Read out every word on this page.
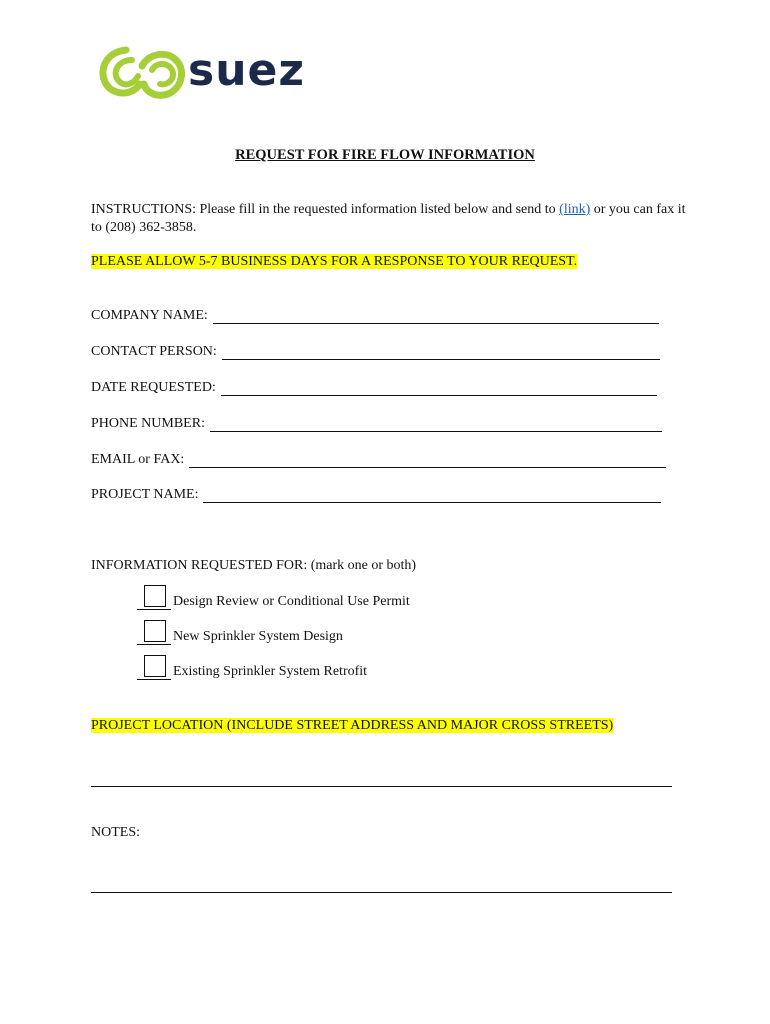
suez
REQUEST FOR FIRE FLOW INFORMATION
INSTRUCTIONS: Please fill in the requested information listed below and send to (link) or you can fax it to (208) 362-3858.
PLEASE ALLOW 5-7 BUSINESS DAYS FOR A RESPONSE TO YOUR REQUEST.
COMPANY NAME:
CONTACT PERSON:
DATE REQUESTED:
PHONE NUMBER:
EMAIL or FAX:
PROJECT NAME:
INFORMATION REQUESTED FOR: (mark one or both)
Design Review or Conditional Use Permit
New Sprinkler System Design
Existing Sprinkler System Retrofit
PROJECT LOCATION (INCLUDE STREET ADDRESS AND MAJOR CROSS STREETS)
NOTES:
